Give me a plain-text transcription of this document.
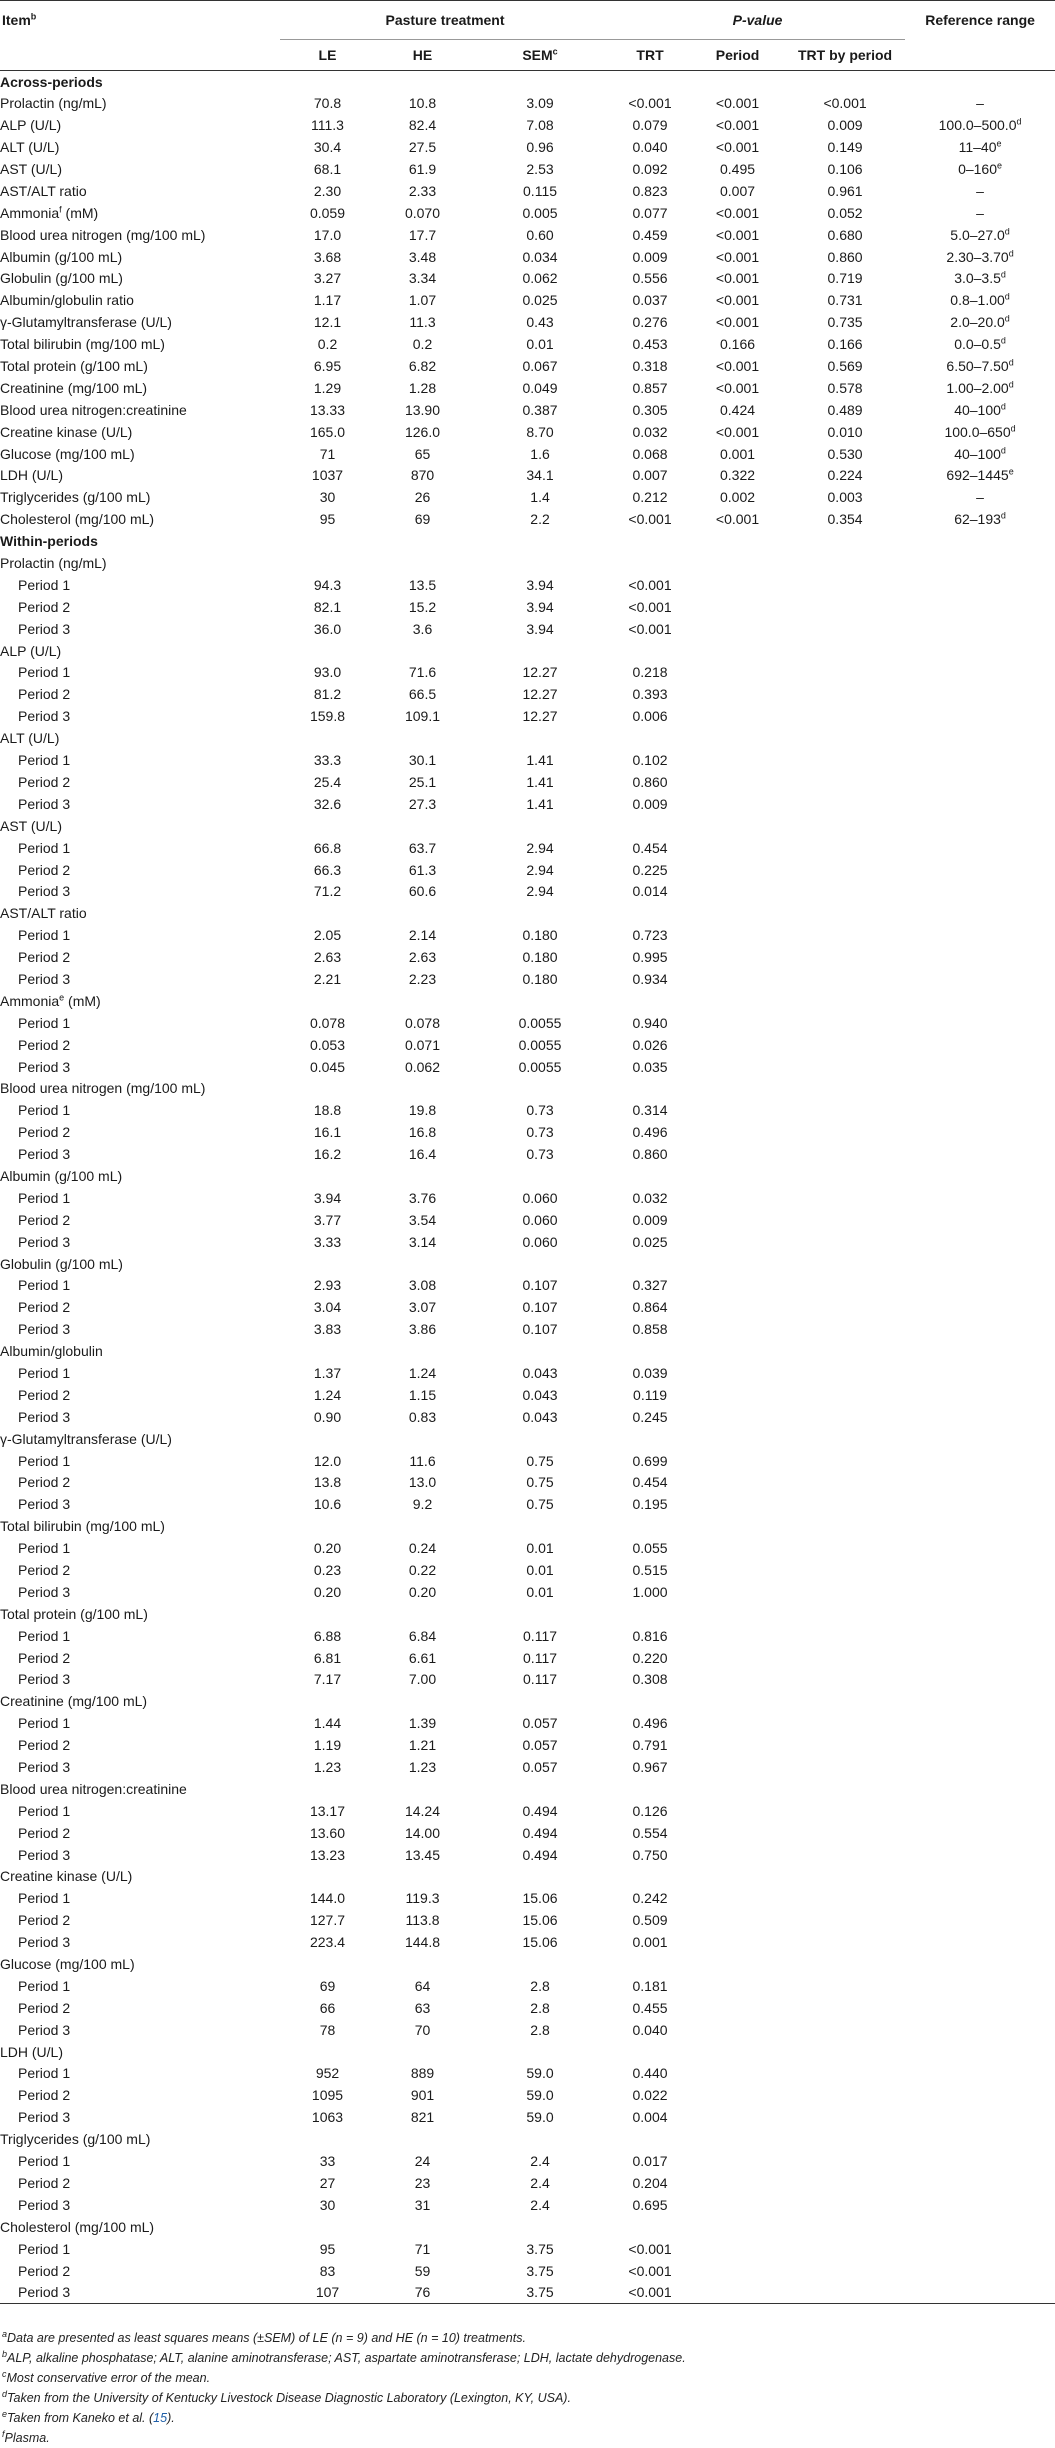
Item$^b$	Pasture treatment			P-value			Reference range
	LE	HE	SEM$^c$	TRT	Period	TRT by period	
Across-periods							
Prolactin (ng/mL)	70.8	10.8	3.09	<0.001	<0.001	<0.001	–
ALP (U/L)	111.3	82.4	7.08	0.079	<0.001	0.009	100.0–500.0$^d$
ALT (U/L)	30.4	27.5	0.96	0.040	<0.001	0.149	11–40e
AST (U/L)	68.1	61.9	2.53	0.092	0.495	0.106	0–160e
AST/ALT ratio	2.30	2.33	0.115	0.823	0.007	0.961	–
Ammonia$^f$ (mM)	0.059	0.070	0.005	0.077	<0.001	0.052	–
Blood urea nitrogen (mg/100 mL)	17.0	17.7	0.60	0.459	<0.001	0.680	5.0–27.0$^d$
Albumin (g/100 mL)	3.68	3.48	0.034	0.009	<0.001	0.860	2.30–3.70$^d$
Globulin (g/100 mL)	3.27	3.34	0.062	0.556	<0.001	0.719	3.0–3.5$^d$
Albumin/globulin ratio	1.17	1.07	0.025	0.037	<0.001	0.731	0.8–1.00$^d$
γ-Glutamyltransferase (U/L)	12.1	11.3	0.43	0.276	<0.001	0.735	2.0–20.0$^d$
Total bilirubin (mg/100 mL)	0.2	0.2	0.01	0.453	0.166	0.166	0.0–0.5$^d$
Total protein (g/100 mL)	6.95	6.82	0.067	0.318	<0.001	0.569	6.50–7.50$^d$
Creatinine (mg/100 mL)	1.29	1.28	0.049	0.857	<0.001	0.578	1.00–2.00$^d$
Blood urea nitrogen:creatinine	13.33	13.90	0.387	0.305	0.424	0.489	40–100$^d$
Creatine kinase (U/L)	165.0	126.0	8.70	0.032	<0.001	0.010	100.0–650$^d$
Glucose (mg/100 mL)	71	65	1.6	0.068	0.001	0.530	40–100$^d$
LDH (U/L)	1037	870	34.1	0.007	0.322	0.224	692–1445e
Triglycerides (g/100 mL)	30	26	1.4	0.212	0.002	0.003	–
Cholesterol (mg/100 mL)	95	69	2.2	<0.001	<0.001	0.354	62–193$^d$
Within-periods							
Prolactin (ng/mL)							
Period 1	94.3	13.5	3.94	<0.001			
Period 2	82.1	15.2	3.94	<0.001			
Period 3	36.0	3.6	3.94	<0.001			
ALP (U/L)							
Period 1	93.0	71.6	12.27	0.218			
Period 2	81.2	66.5	12.27	0.393			
Period 3	159.8	109.1	12.27	0.006			
ALT (U/L)							
Period 1	33.3	30.1	1.41	0.102			
Period 2	25.4	25.1	1.41	0.860			
Period 3	32.6	27.3	1.41	0.009			
AST (U/L)							
Period 1	66.8	63.7	2.94	0.454			
Period 2	66.3	61.3	2.94	0.225			
Period 3	71.2	60.6	2.94	0.014			
AST/ALT ratio							
Period 1	2.05	2.14	0.180	0.723			
Period 2	2.63	2.63	0.180	0.995			
Period 3	2.21	2.23	0.180	0.934			
Ammonia$^e$ (mM)							
Period 1	0.078	0.078	0.0055	0.940			
Period 2	0.053	0.071	0.0055	0.026			
Period 3	0.045	0.062	0.0055	0.035			
Blood urea nitrogen (mg/100 mL)							
Period 1	18.8	19.8	0.73	0.314			
Period 2	16.1	16.8	0.73	0.496			
Period 3	16.2	16.4	0.73	0.860			
Albumin (g/100 mL)							
Period 1	3.94	3.76	0.060	0.032			
Period 2	3.77	3.54	0.060	0.009			
Period 3	3.33	3.14	0.060	0.025			
Globulin (g/100 mL)							
Period 1	2.93	3.08	0.107	0.327			
Period 2	3.04	3.07	0.107	0.864			
Period 3	3.83	3.86	0.107	0.858			
Albumin/globulin							
Period 1	1.37	1.24	0.043	0.039			
Period 2	1.24	1.15	0.043	0.119			
Period 3	0.90	0.83	0.043	0.245			
γ-Glutamyltransferase (U/L)							
Period 1	12.0	11.6	0.75	0.699			
Period 2	13.8	13.0	0.75	0.454			
Period 3	10.6	9.2	0.75	0.195			
Total bilirubin (mg/100 mL)							
Period 1	0.20	0.24	0.01	0.055			
Period 2	0.23	0.22	0.01	0.515			
Period 3	0.20	0.20	0.01	1.000			
Total protein (g/100 mL)							
Period 1	6.88	6.84	0.117	0.816			
Period 2	6.81	6.61	0.117	0.220			
Period 3	7.17	7.00	0.117	0.308			
Creatinine (mg/100 mL)							
Period 1	1.44	1.39	0.057	0.496			
Period 2	1.19	1.21	0.057	0.791			
Period 3	1.23	1.23	0.057	0.967			
Blood urea nitrogen:creatinine							
Period 1	13.17	14.24	0.494	0.126			
Period 2	13.60	14.00	0.494	0.554			
Period 3	13.23	13.45	0.494	0.750			
Creatine kinase (U/L)							
Period 1	144.0	119.3	15.06	0.242			
Period 2	127.7	113.8	15.06	0.509			
Period 3	223.4	144.8	15.06	0.001			
Glucose (mg/100 mL)							
Period 1	69	64	2.8	0.181			
Period 2	66	63	2.8	0.455			
Period 3	78	70	2.8	0.040			
LDH (U/L)							
Period 1	952	889	59.0	0.440			
Period 2	1095	901	59.0	0.022			
Period 3	1063	821	59.0	0.004			
Triglycerides (g/100 mL)							
Period 1	33	24	2.4	0.017			
Period 2	27	23	2.4	0.204			
Period 3	30	31	2.4	0.695			
Cholesterol (mg/100 mL)							
Period 1	95	71	3.75	<0.001			
Period 2	83	59	3.75	<0.001			
Period 3	107	76	3.75	<0.001			
$^a$Data are presented as least squares means (±SEM) of LE (n = 9) and HE (n = 10) treatments.
$^b$ALP, alkaline phosphatase; ALT, alanine aminotransferase; AST, aspartate aminotransferase; LDH, lactate dehydrogenase.
$^c$Most conservative error of the mean.
$^d$Taken from the University of Kentucky Livestock Disease Diagnostic Laboratory (Lexington, KY, USA).
$^e$Taken from Kaneko et al. (15).
$^f$Plasma.
